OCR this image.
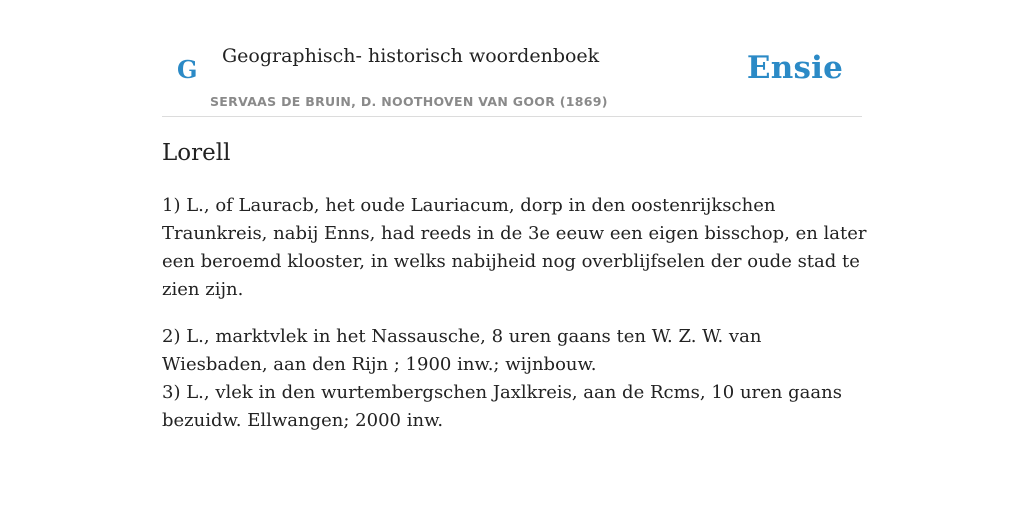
G Geographisch- historisch woordenboek
SERVAAS DE BRUIN, D. NOOTHOVEN VAN GOOR (1869)
Ensie
Lorell

1) L., of Lauracb, het oude Lauriacum, dorp in den oostenrijkschen Traunkreis, nabij Enns, had reeds in de 3e eeuw een eigen bisschop, en later een beroemd klooster, in welks nabijheid nog overblijfselen der oude stad te zien zijn.

2) L., marktvlek in het Nassausche, 8 uren gaans ten W. Z. W. van Wiesbaden, aan den Rijn ; 1900 inw.; wijnbouw.

3) L., vlek in den wurtembergschen Jaxlkreis, aan de Rcms, 10 uren gaans bezuidw. Ellwangen; 2000 inw.
